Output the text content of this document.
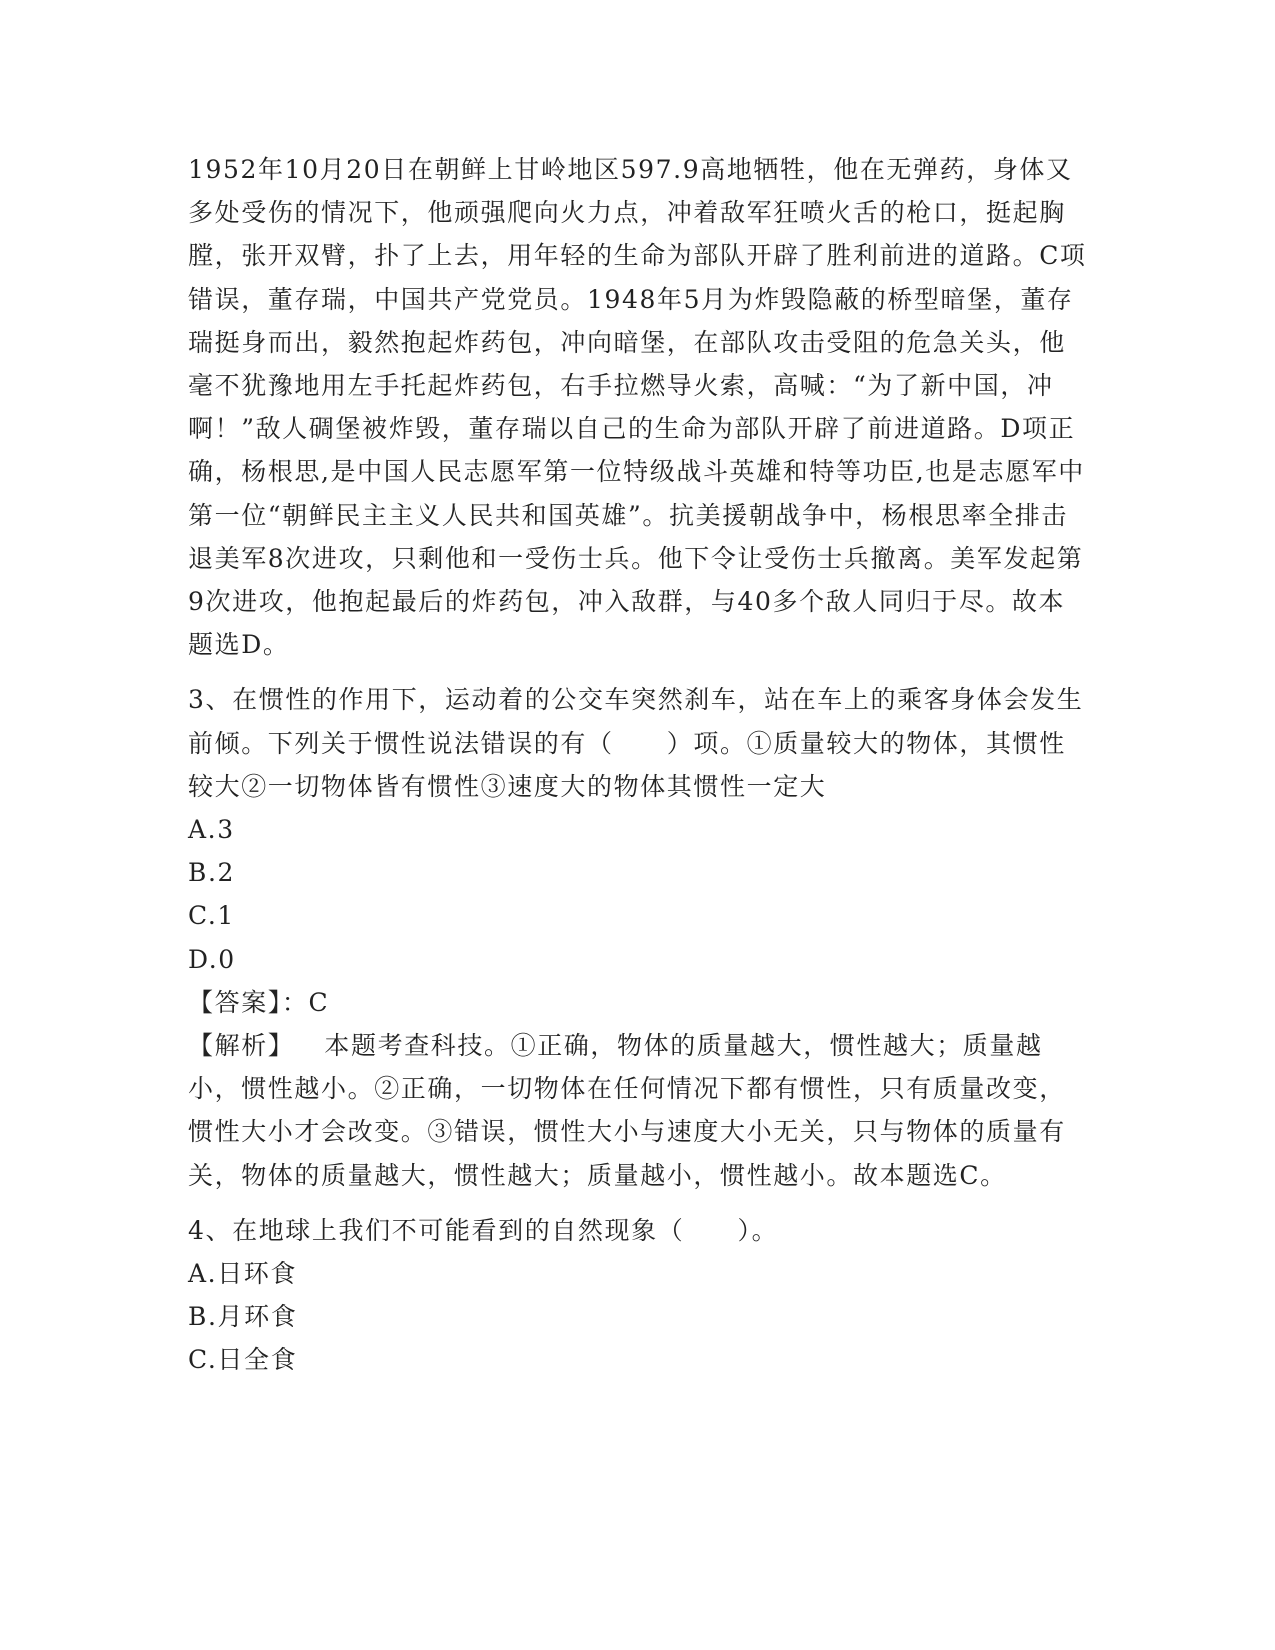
1952年10月20日在朝鲜上甘岭地区597.9高地牺牲，他在无弹药，身体又多处受伤的情况下，他顽强爬向火力点，冲着敌军狂喷火舌的枪口，挺起胸膛，张开双臂，扑了上去，用年轻的生命为部队开辟了胜利前进的道路。C项错误，董存瑞，中国共产党党员。1948年5月为炸毁隐蔽的桥型暗堡，董存瑞挺身而出，毅然抱起炸药包，冲向暗堡，在部队攻击受阻的危急关头，他毫不犹豫地用左手托起炸药包，右手拉燃导火索，高喊：“为了新中国，冲啊！”敌人碉堡被炸毁，董存瑞以自己的生命为部队开辟了前进道路。D项正确，杨根思,是中国人民志愿军第一位特级战斗英雄和特等功臣,也是志愿军中第一位“朝鲜民主主义人民共和国英雄”。抗美援朝战争中，杨根思率全排击退美军8次进攻，只剩他和一受伤士兵。他下令让受伤士兵撤离。美军发起第9次进攻，他抱起最后的炸药包，冲入敌群，与40多个敌人同归于尽。故本题选D。

3、在惯性的作用下，运动着的公交车突然刹车，站在车上的乘客身体会发生前倾。下列关于惯性说法错误的有（　　）项。①质量较大的物体，其惯性较大②一切物体皆有惯性③速度大的物体其惯性一定大

A.3

B.2

C.1

D.0

【答案】：C

【解析】 本题考查科技。①正确，物体的质量越大，惯性越大；质量越小，惯性越小。②正确，一切物体在任何情况下都有惯性，只有质量改变，惯性大小才会改变。③错误，惯性大小与速度大小无关，只与物体的质量有关，物体的质量越大，惯性越大；质量越小，惯性越小。故本题选C。

4、在地球上我们不可能看到的自然现象（　　）。

A.日环食

B.月环食

C.日全食
